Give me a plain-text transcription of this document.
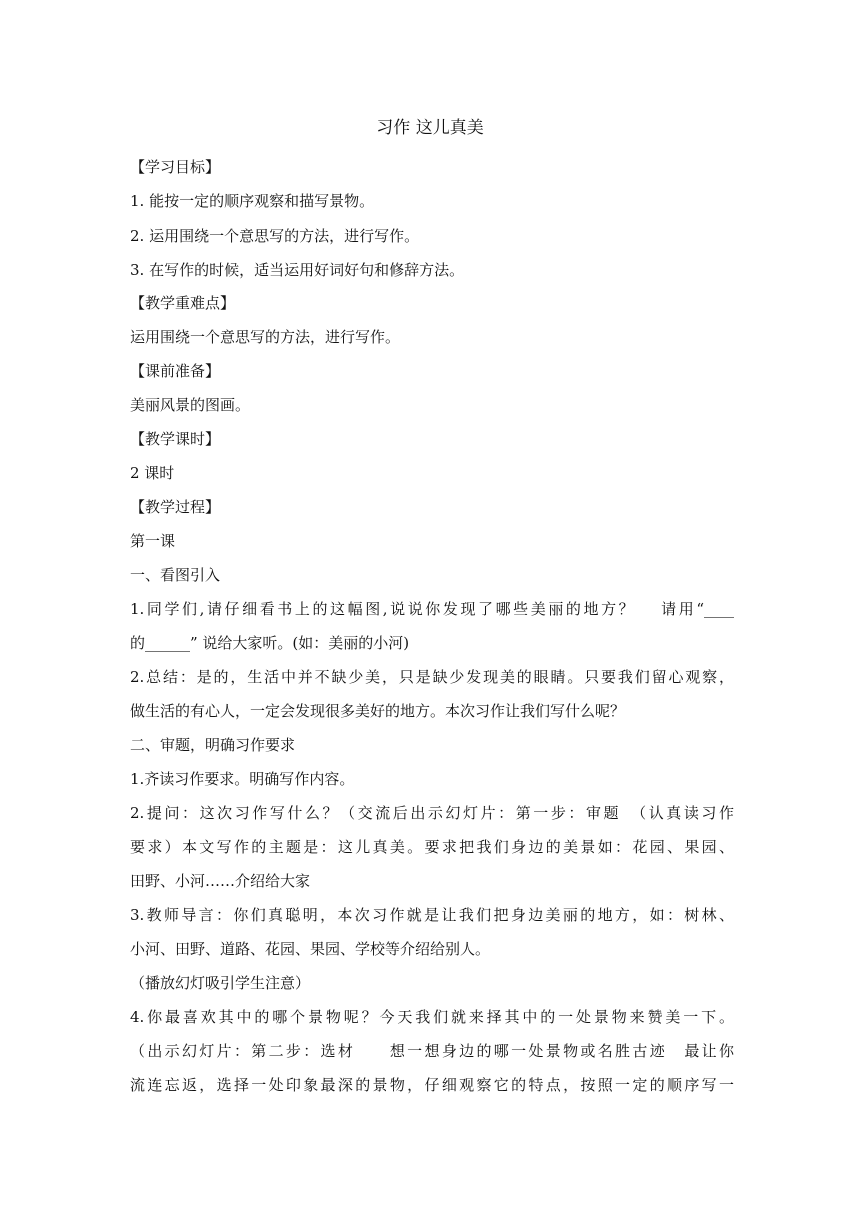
习作 这儿真美
【学习目标】
1. 能按一定的顺序观察和描写景物。
2. 运用围绕一个意思写的方法，进行写作。
3. 在写作的时候，适当运用好词好句和修辞方法。
【教学重难点】
运用围绕一个意思写的方法，进行写作。
【课前准备】
美丽风景的图画。
【教学课时】
2 课时
【教学过程】
第一课
一、看图引入
1.同学们,请仔细看书上的这幅图,说说你发现了哪些美丽的地方？　 请用“____
的______” 说给大家听。(如：美丽的小河)
2.总结：是的，生活中并不缺少美，只是缺少发现美的眼睛。只要我们留心观察，
做生活的有心人，一定会发现很多美好的地方。本次习作让我们写什么呢？
二、审题，明确习作要求
1.齐读习作要求。明确写作内容。
2.提问：这次习作写什么？（交流后出示幻灯片：第一步：审题　（认真读习作
要求）本文写作的主题是：这儿真美。要求把我们身边的美景如：花园、果园、
田野、小河……介绍给大家
3.教师导言：你们真聪明，本次习作就是让我们把身边美丽的地方，如：树林、
小河、田野、道路、花园、果园、学校等介绍给别人。
（播放幻灯吸引学生注意）
4.你最喜欢其中的哪个景物呢？今天我们就来择其中的一处景物来赞美一下。
（出示幻灯片：第二步：选材　　想一想身边的哪一处景物或名胜古迹　最让你
流连忘返，选择一处印象最深的景物，仔细观察它的特点，按照一定的顺序写一
